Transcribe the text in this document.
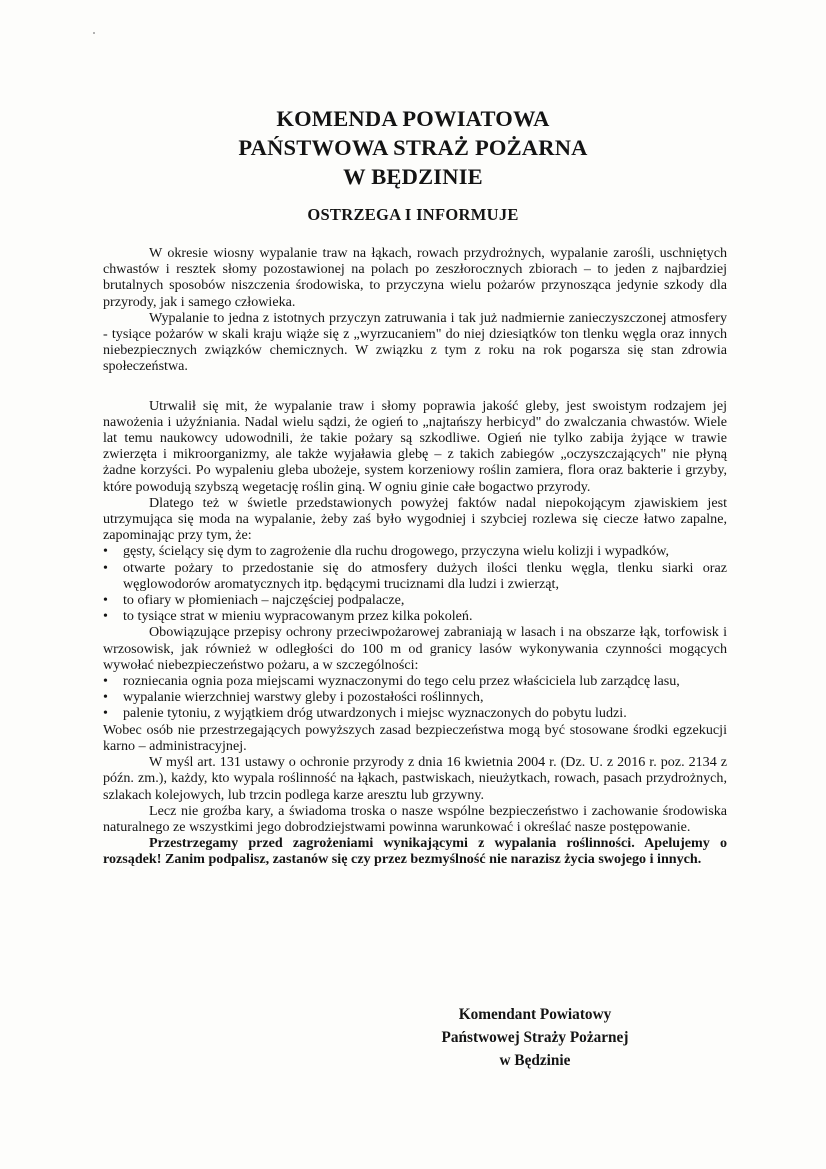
KOMENDA POWIATOWA
PAŃSTWOWA STRAŻ POŻARNA
W BĘDZINIE
OSTRZEGA I INFORMUJE

W okresie wiosny wypalanie traw na łąkach, rowach przydrożnych, wypalanie zarośli, uschniętych chwastów i resztek słomy pozostawionej na polach po zeszłorocznych zbiorach – to jeden z najbardziej brutalnych sposobów niszczenia środowiska, to przyczyna wielu pożarów przynosząca jedynie szkody dla przyrody, jak i samego człowieka.

Wypalanie to jedna z istotnych przyczyn zatruwania i tak już nadmiernie zanieczyszczonej atmosfery - tysiące pożarów w skali kraju wiąże się z „wyrzucaniem" do niej dziesiątków ton tlenku węgla oraz innych niebezpiecznych związków chemicznych. W związku z tym z roku na rok pogarsza się stan zdrowia społeczeństwa.

Utrwalił się mit, że wypalanie traw i słomy poprawia jakość gleby, jest swoistym rodzajem jej nawożenia i użyźniania. Nadal wielu sądzi, że ogień to „najtańszy herbicyd" do zwalczania chwastów. Wiele lat temu naukowcy udowodnili, że takie pożary są szkodliwe. Ogień nie tylko zabija żyjące w trawie zwierzęta i mikroorganizmy, ale także wyjaławia glebę – z takich zabiegów „oczyszczających" nie płyną żadne korzyści. Po wypaleniu gleba ubożeje, system korzeniowy roślin zamiera, flora oraz bakterie i grzyby, które powodują szybszą wegetację roślin giną. W ogniu ginie całe bogactwo przyrody.

Dlatego też w świetle przedstawionych powyżej faktów nadal niepokojącym zjawiskiem jest utrzymująca się moda na wypalanie, żeby zaś było wygodniej i szybciej rozlewa się ciecze łatwo zapalne, zapominając przy tym, że:

•	gęsty, ścielący się dym to zagrożenie dla ruchu drogowego, przyczyna wielu kolizji i wypadków,
•	otwarte pożary to przedostanie się do atmosfery dużych ilości tlenku węgla, tlenku siarki oraz węglowodorów aromatycznych itp. będącymi truciznami dla ludzi i zwierząt,
•	to ofiary w płomieniach – najczęściej podpalacze,
•	to tysiące strat w mieniu wypracowanym przez kilka pokoleń.

Obowiązujące przepisy ochrony przeciwpożarowej zabraniają w lasach i na obszarze łąk, torfowisk i wrzosowisk, jak również w odległości do 100 m od granicy lasów wykonywania czynności mogących wywołać niebezpieczeństwo pożaru, a w szczególności:

•	rozniecania ognia poza miejscami wyznaczonymi do tego celu przez właściciela lub zarządcę lasu,
•	wypalanie wierzchniej warstwy gleby i pozostałości roślinnych,
•	palenie tytoniu, z wyjątkiem dróg utwardzonych i miejsc wyznaczonych do pobytu ludzi.

Wobec osób nie przestrzegających powyższych zasad bezpieczeństwa mogą być stosowane środki egzekucji karno – administracyjnej.

W myśl art. 131 ustawy o ochronie przyrody z dnia 16 kwietnia 2004 r. (Dz. U. z 2016 r. poz. 2134 z późn. zm.), każdy, kto wypala roślinność na łąkach, pastwiskach, nieużytkach, rowach, pasach przydrożnych, szlakach kolejowych, lub trzcin podlega karze aresztu lub grzywny.

Lecz nie groźba kary, a świadoma troska o nasze wspólne bezpieczeństwo i zachowanie środowiska naturalnego ze wszystkimi jego dobrodziejstwami powinna warunkować i określać nasze postępowanie.

Przestrzegamy przed zagrożeniami wynikającymi z wypalania roślinności. Apelujemy o rozsądek! Zanim podpalisz, zastanów się czy przez bezmyślność nie narazisz życia swojego i innych.

Komendant Powiatowy
Państwowej Straży Pożarnej
w Będzinie
